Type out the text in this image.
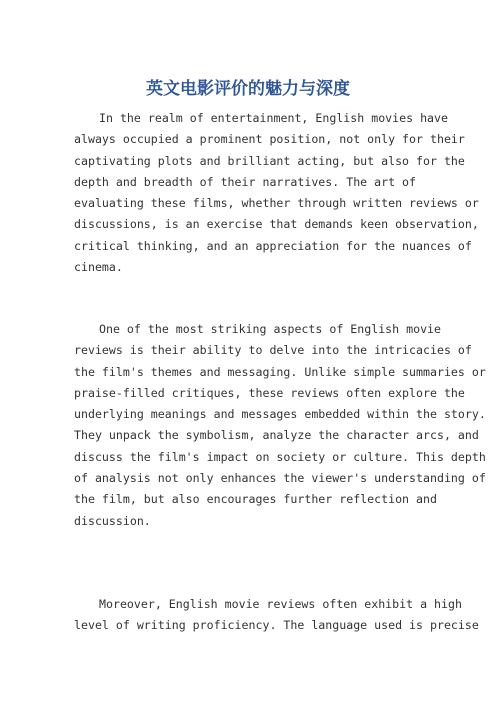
英文电影评价的魅力与深度

In the realm of entertainment, English movies have
always occupied a prominent position, not only for their
captivating plots and brilliant acting, but also for the
depth and breadth of their narratives. The art of
evaluating these films, whether through written reviews or
discussions, is an exercise that demands keen observation,
critical thinking, and an appreciation for the nuances of
cinema.

One of the most striking aspects of English movie
reviews is their ability to delve into the intricacies of
the film's themes and messaging. Unlike simple summaries or
praise-filled critiques, these reviews often explore the
underlying meanings and messages embedded within the story.
They unpack the symbolism, analyze the character arcs, and
discuss the film's impact on society or culture. This depth
of analysis not only enhances the viewer's understanding of
the film, but also encourages further reflection and
discussion.

Moreover, English movie reviews often exhibit a high
level of writing proficiency. The language used is precise
